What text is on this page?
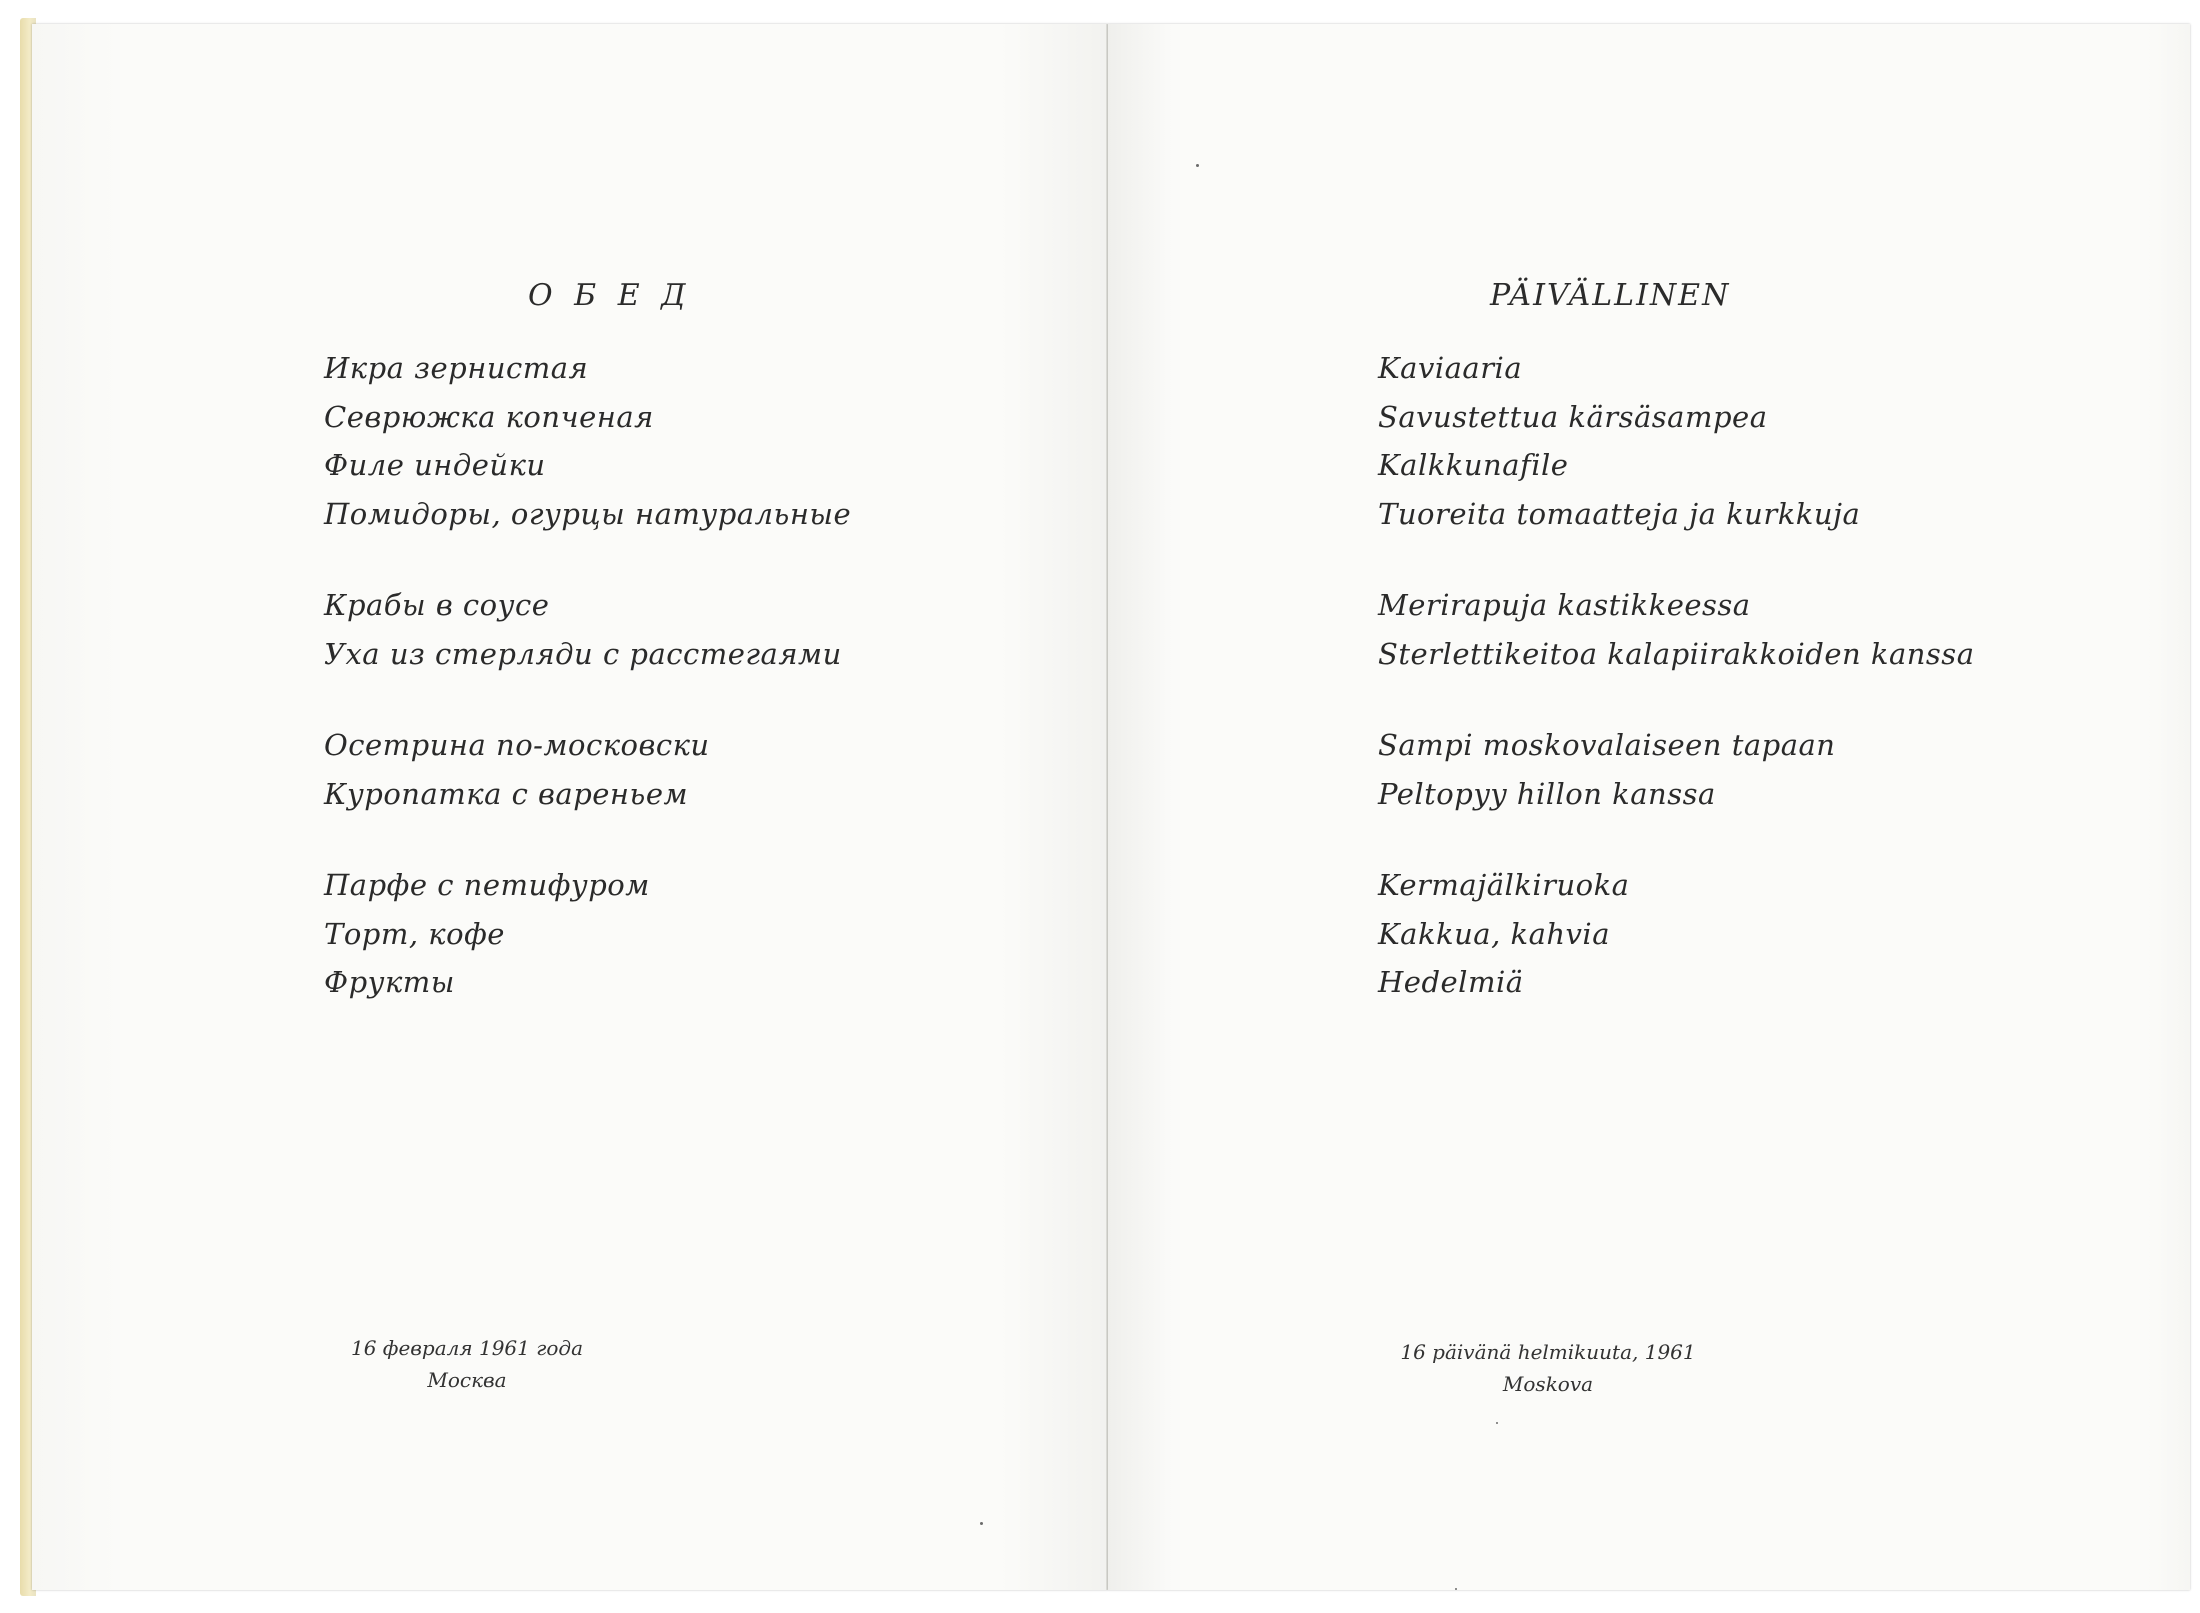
О Б Е Д
Икра зернистая
Севрюжка копченая
Филе индейки
Помидоры, огурцы натуральные
Крабы в соусе
Уха из стерляди с расстегаями
Осетрина по-московски
Куропатка с вареньем
Парфе с петифуром
Торт, кофе
Фрукты
16 февраля 1961 года
Москва
PÄIVÄLLINEN
Kaviaaria
Savustettua kärsäsampea
Kalkkunafile
Tuoreita tomaatteja ja kurkkuja
Merirapuja kastikkeessa
Sterlettikeitoa kalapiirakkoiden kanssa
Sampi moskovalaiseen tapaan
Peltopyy hillon kanssa
Kermajälkiruoka
Kakkua, kahvia
Hedelmiä
16 päivänä helmikuuta, 1961
Moskova
